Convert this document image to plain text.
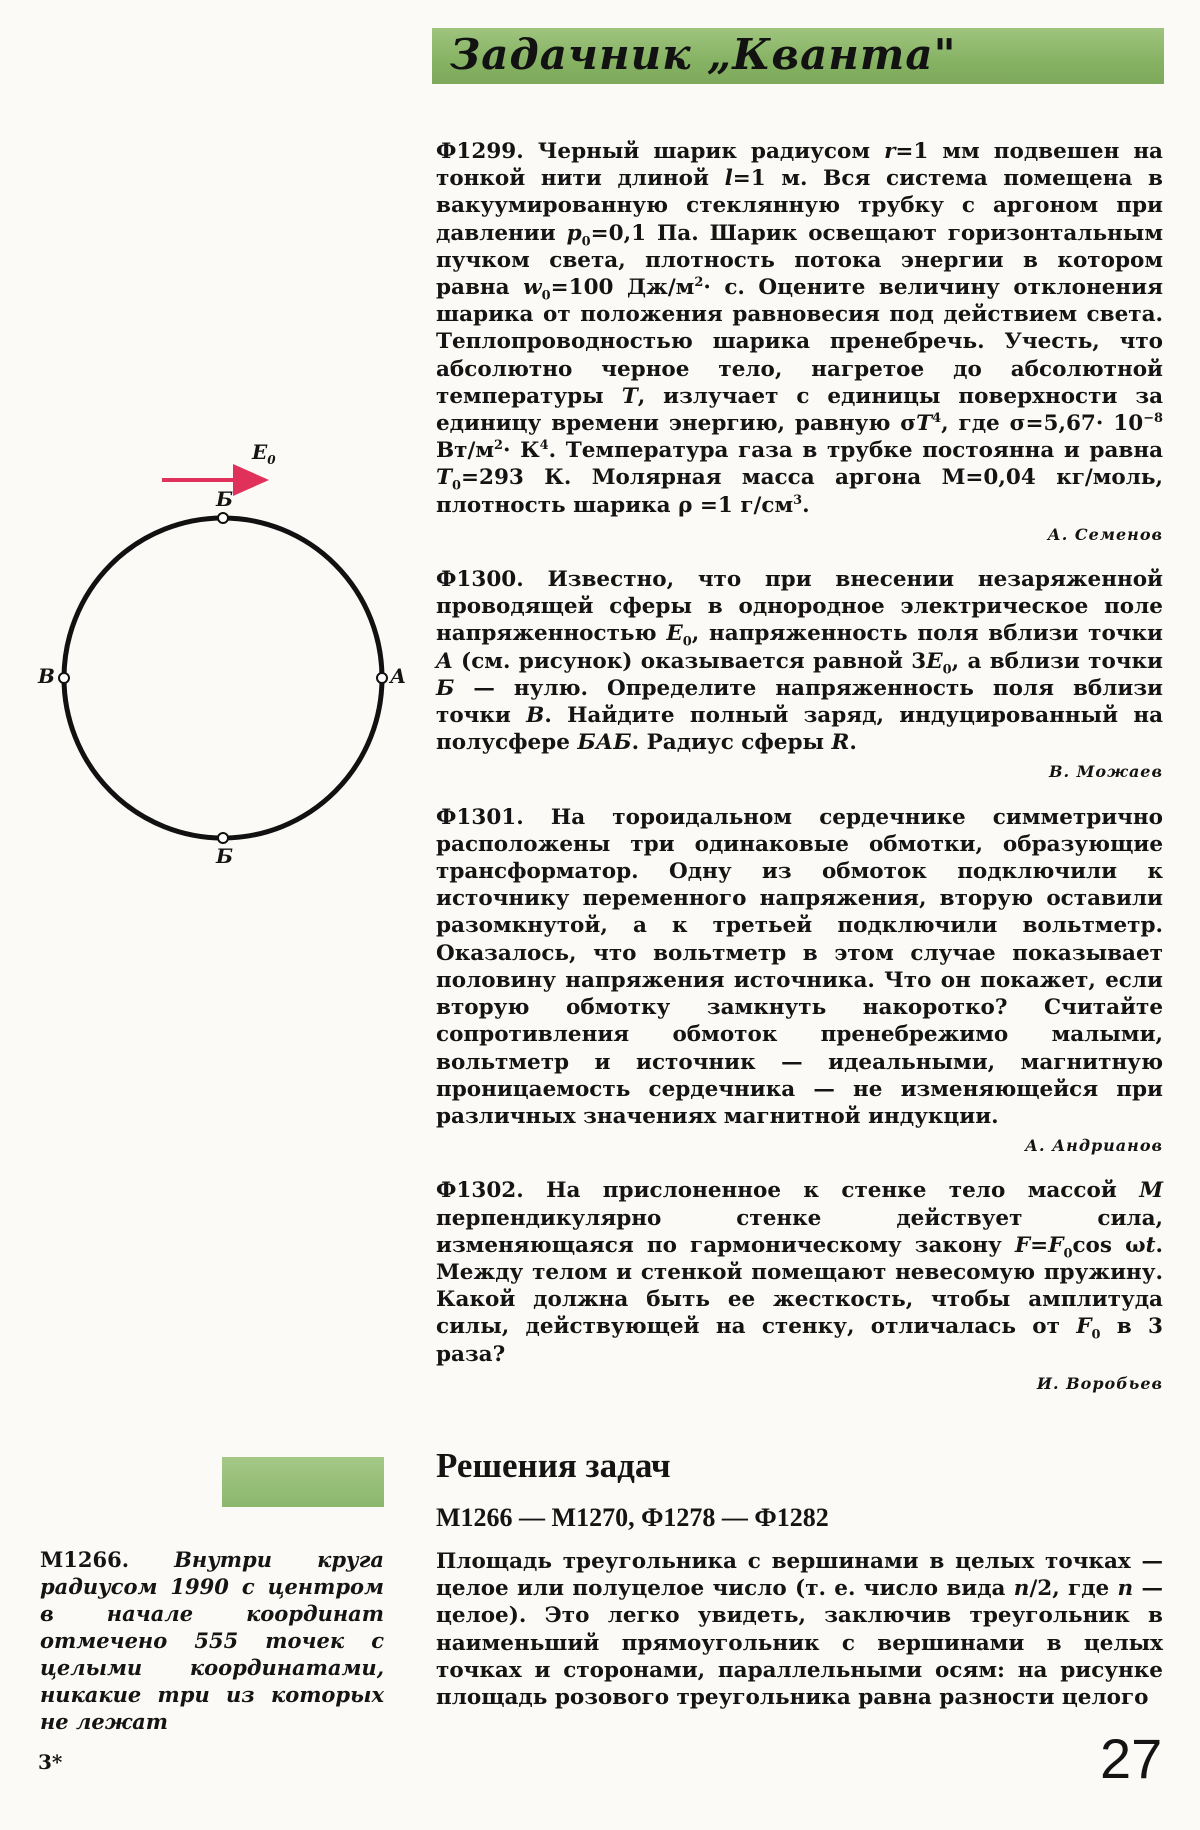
Задачник „Кванта"
$E_0$
Б
Б
В	А

Ф1299. Черный шарик радиусом r=1 мм подвешен на тонкой нити длиной l=1 м. Вся система помещена в вакуумированную стеклянную трубку с аргоном при давлении $p_0=0,1$ Па. Шарик освещают горизонтальным пучком света, плотность потока энергии в котором равна $w_0=100$ $Дж/м^2\cdot с$. Оцените величину отклонения шарика от положения равновесия под действием света. Теплопроводностью шарика пренебречь. Учесть, что абсолютно черное тело, нагретое до абсолютной температуры T, излучает с единицы поверхности за единицу времени энергию, равную $\sigma T^4$, где $\sigma=5,67\cdot 10^{-8}$ $Вт/м^2\cdot К^4$. Температура газа в трубке постоянна и равна $T_0=293$ К. Молярная масса аргона M=0,04 кг/моль, плотность шарика ρ =1 $г/см^3$.

А. Семенов

Ф1300. Известно, что при внесении незаряженной проводящей сферы в однородное электрическое поле напряженностью $E_0$, напряженность поля вблизи точки A (см. рисунок) оказывается равной $3E_0$, а вблизи точки Б — нулю. Определите напряженность поля вблизи точки В. Найдите полный заряд, индуцированный на полусфере БАБ. Радиус сферы R.

В. Можаев

Ф1301. На тороидальном сердечнике симметрично расположены три одинаковые обмотки, образующие трансформатор. Одну из обмоток подключили к источнику переменного напряжения, вторую оставили разомкнутой, а к третьей подключили вольтметр. Оказалось, что вольтметр в этом случае показывает половину напряжения источника. Что он покажет, если вторую обмотку замкнуть накоротко? Считайте сопротивления обмоток пренебрежимо малыми, вольтметр и источник — идеальными, магнитную проницаемость сердечника — не изменяющейся при различных значениях магнитной индукции.

А. Андрианов

Ф1302. На прислоненное к стенке тело массой M перпендикулярно стенке действует сила, изменяющаяся по гармоническому закону $F=F_0\cos$ ωt. Между телом и стенкой помещают невесомую пружину. Какой должна быть ее жесткость, чтобы амплитуда силы, действующей на стенку, отличалась от $F_0$ в 3 раза?

И. Воробьев
М1266. Внутри круга радиусом 1990 с центром в начале координат отмечено 555 точек с целыми координатами, никакие три из которых не лежат
Решения задач
М1266 — М1270, Ф1278 — Ф1282
Площадь треугольника с вершинами в целых точках — целое или полуцелое число (т. е. число вида n/2, где n — целое). Это легко увидеть, заключив треугольник в наименьший прямоугольник с вершинами в целых точках и сторонами, параллельными осям: на рисунке площадь розового треугольника равна разности целого
3*	27
